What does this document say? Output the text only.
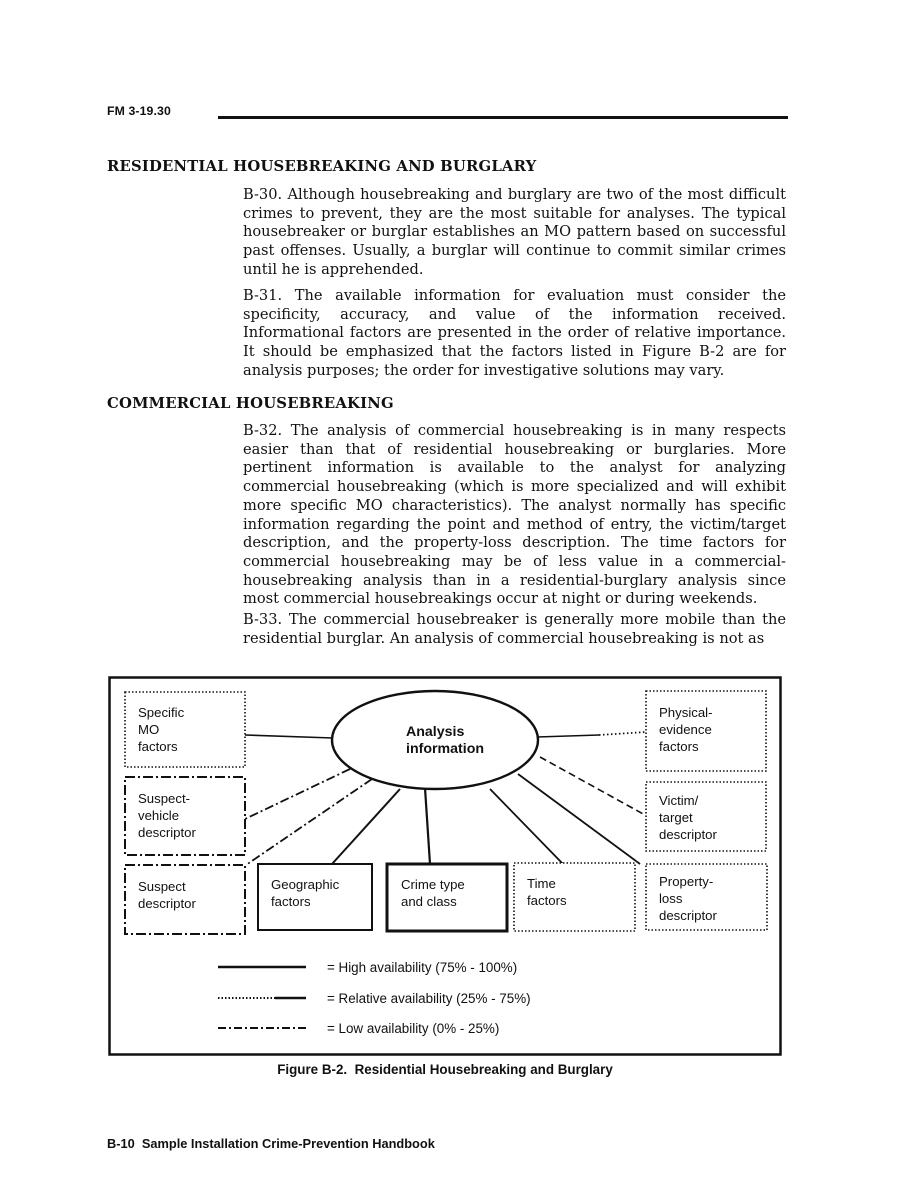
FM 3-19.30
RESIDENTIAL HOUSEBREAKING AND BURGLARY
B-30. Although housebreaking and burglary are two of the most difficult crimes to prevent, they are the most suitable for analyses. The typical housebreaker or burglar establishes an MO pattern based on successful past offenses. Usually, a burglar will continue to commit similar crimes until he is apprehended.
B-31. The available information for evaluation must consider the specificity, accuracy, and value of the information received. Informational factors are presented in the order of relative importance. It should be emphasized that the factors listed in Figure B-2 are for analysis purposes; the order for investigative solutions may vary.
COMMERCIAL HOUSEBREAKING
B-32. The analysis of commercial housebreaking is in many respects easier than that of residential housebreaking or burglaries. More pertinent information is available to the analyst for analyzing commercial housebreaking (which is more specialized and will exhibit more specific MO characteristics). The analyst normally has specific information regarding the point and method of entry, the victim/target description, and the property-loss description. The time factors for commercial housebreaking may be of less value in a commercial-housebreaking analysis than in a residential-burglary analysis since most commercial housebreakings occur at night or during weekends.
B-33. The commercial housebreaker is generally more mobile than the residential burglar. An analysis of commercial housebreaking is not as
Analysis
information
Specific
MO
factors
Physical-
evidence
factors
Suspect-
vehicle
descriptor
Victim/
target
descriptor
Suspect
descriptor
Geographic
factors
Crime type
and class
Time
factors
Property-
loss
descriptor
= High availability (75% - 100%)
= Relative availability (25% - 75%)
= Low availability (0% - 25%)
Figure B-2.  Residential Housebreaking and Burglary
B-10  Sample Installation Crime-Prevention Handbook
